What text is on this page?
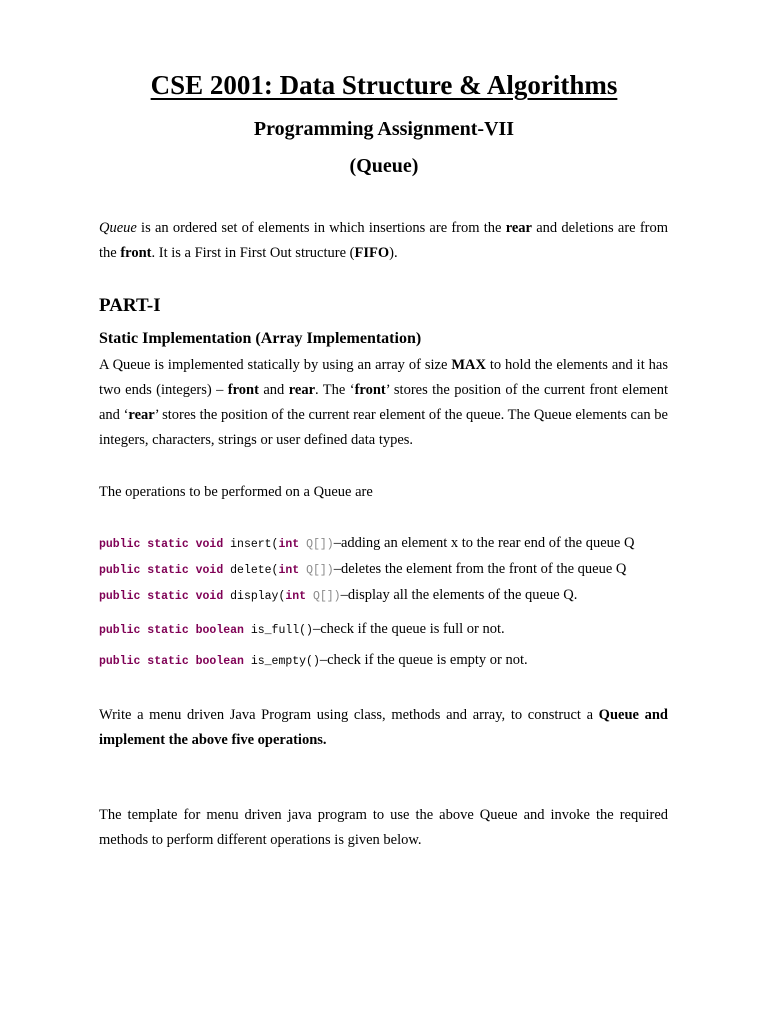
CSE 2001: Data Structure & Algorithms
Programming Assignment-VII
(Queue)

Queue is an ordered set of elements in which insertions are from the rear and deletions are from the front. It is a First in First Out structure (FIFO).

PART-I
Static Implementation (Array Implementation)

A Queue is implemented statically by using an array of size MAX to hold the elements and it has two ends (integers) – front and rear. The ‘front’ stores the position of the current front element and ‘rear’ stores the position of the current rear element of the queue. The Queue elements can be integers, characters, strings or user defined data types.

The operations to be performed on a Queue are

public static void insert(int Q[])–adding an element x to the rear end of the queue Q
public static void delete(int Q[])–deletes the element from the front of the queue Q
public static void display(int Q[])–display all the elements of the queue Q.
public static boolean is_full()–check if the queue is full or not.
public static boolean is_empty()–check if the queue is empty or not.

Write a menu driven Java Program using class, methods and array, to construct a Queue and implement the above five operations.

The template for menu driven java program to use the above Queue and invoke the required methods to perform different operations is given below.
